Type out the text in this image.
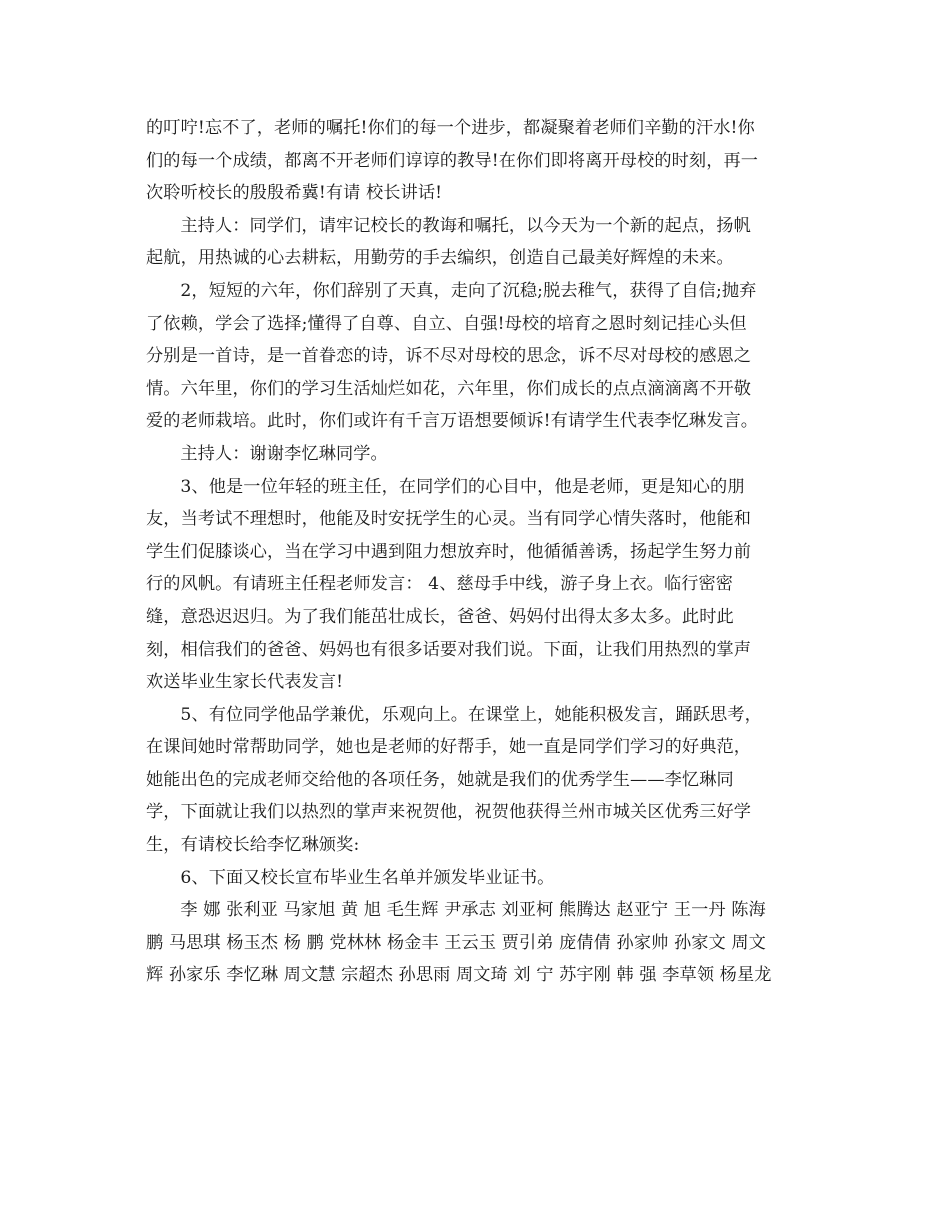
的叮咛!忘不了，老师的嘱托!你们的每一个进步，都凝聚着老师们辛勤的汗水!你
们的每一个成绩，都离不开老师们谆谆的教导!在你们即将离开母校的时刻，再一
次聆听校长的殷殷希冀!有请 校长讲话!

主持人：同学们，请牢记校长的教诲和嘱托，以今天为一个新的起点，扬帆
起航，用热诚的心去耕耘，用勤劳的手去编织，创造自己最美好辉煌的未来。

2，短短的六年，你们辞别了天真，走向了沉稳;脱去稚气，获得了自信;抛弃
了依赖，学会了选择;懂得了自尊、自立、自强!母校的培育之恩时刻记挂心头但
分别是一首诗，是一首眷恋的诗，诉不尽对母校的思念，诉不尽对母校的感恩之
情。六年里，你们的学习生活灿烂如花，六年里，你们成长的点点滴滴离不开敬
爱的老师栽培。此时，你们或许有千言万语想要倾诉!有请学生代表李忆琳发言。

主持人：谢谢李忆琳同学。

3、他是一位年轻的班主任，在同学们的心目中，他是老师，更是知心的朋
友，当考试不理想时，他能及时安抚学生的心灵。当有同学心情失落时，他能和
学生们促膝谈心，当在学习中遇到阻力想放弃时，他循循善诱，扬起学生努力前
行的风帆。有请班主任程老师发言： 4、慈母手中线，游子身上衣。临行密密
缝，意恐迟迟归。为了我们能茁壮成长，爸爸、妈妈付出得太多太多。此时此
刻，相信我们的爸爸、妈妈也有很多话要对我们说。下面，让我们用热烈的掌声
欢送毕业生家长代表发言!

5、有位同学他品学兼优，乐观向上。在课堂上，她能积极发言，踊跃思考，
在课间她时常帮助同学，她也是老师的好帮手，她一直是同学们学习的好典范，
她能出色的完成老师交给他的各项任务，她就是我们的优秀学生——李忆琳同
学，下面就让我们以热烈的掌声来祝贺他，祝贺他获得兰州市城关区优秀三好学
生，有请校长给李忆琳颁奖:

6、下面又校长宣布毕业生名单并颁发毕业证书。

李 娜 张利亚 马家旭 黄 旭 毛生辉 尹承志 刘亚柯 熊腾达 赵亚宁 王一丹 陈海
鹏 马思琪 杨玉杰 杨 鹏 党林林 杨金丰 王云玉 贾引弟 庞倩倩 孙家帅 孙家文 周文
辉 孙家乐 李忆琳 周文慧 宗超杰 孙思雨 周文琦 刘 宁 苏宇刚 韩 强 李草领 杨星龙
